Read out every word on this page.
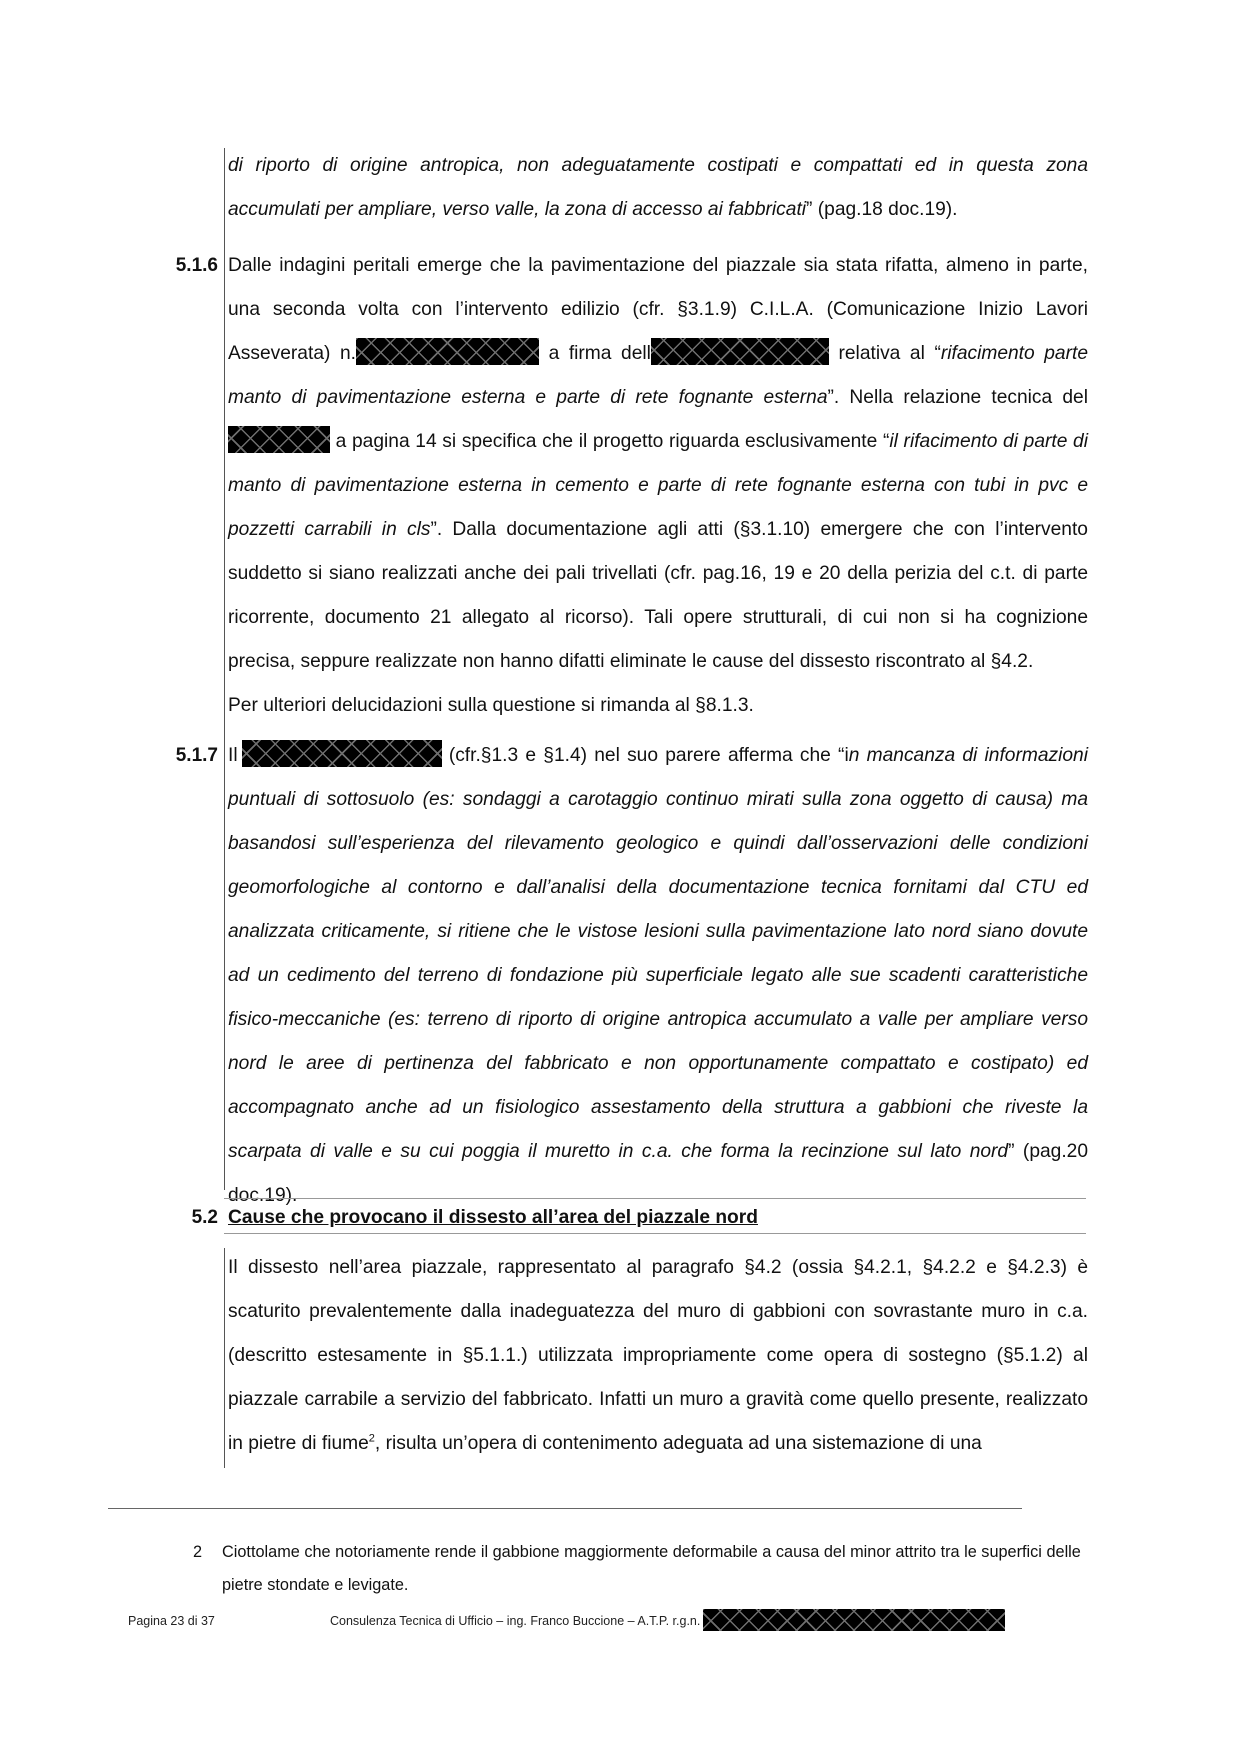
di riporto di origine antropica, non adeguatamente costipati e compattati ed in questa zona accumulati per ampliare, verso valle, la zona di accesso ai fabbricati” (pag.18 doc.19).
5.1.6 Dalle indagini peritali emerge che la pavimentazione del piazzale sia stata rifatta, almeno in parte, una seconda volta con l’intervento edilizio (cfr. §3.1.9) C.I.L.A. (Comunicazione Inizio Lavori Asseverata) n.	a firma dell	relativa al “rifacimento parte manto di pavimentazione esterna e parte di rete fognante esterna”. Nella relazione tecnica del a pagina 14 si specifica che il progetto riguarda esclusivamente “il rifacimento di parte di manto di pavimentazione esterna in cemento e parte di rete fognante esterna con tubi in pvc e pozzetti carrabili in cls”. Dalla documentazione agli atti (§3.1.10) emergere che con l’intervento suddetto si siano realizzati anche dei pali trivellati (cfr. pag.16, 19 e 20 della perizia del c.t. di parte ricorrente, documento 21 allegato al ricorso). Tali opere strutturali, di cui non si ha cognizione precisa, seppure realizzate non hanno difatti eliminate le cause del dissesto riscontrato al §4.2.
Per ulteriori delucidazioni sulla questione si rimanda al §8.1.3.
5.1.7 Il	(cfr.§1.3 e §1.4) nel suo parere afferma che “in mancanza di informazioni puntuali di sottosuolo (es: sondaggi a carotaggio continuo mirati sulla zona oggetto di causa) ma basandosi sull’esperienza del rilevamento geologico e quindi dall’osservazioni delle condizioni geomorfologiche al contorno e dall’analisi della documentazione tecnica fornitami dal CTU ed analizzata criticamente, si ritiene che le vistose lesioni sulla pavimentazione lato nord siano dovute ad un cedimento del terreno di fondazione più superficiale legato alle sue scadenti caratteristiche fisico-meccaniche (es: terreno di riporto di origine antropica accumulato a valle per ampliare verso nord le aree di pertinenza del fabbricato e non opportunamente compattato e costipato) ed accompagnato anche ad un fisiologico assestamento della struttura a gabbioni che riveste la scarpata di valle e su cui poggia il muretto in c.a. che forma la recinzione sul lato nord” (pag.20 doc.19).
5.2 Cause che provocano il dissesto all’area del piazzale nord
Il dissesto nell’area piazzale, rappresentato al paragrafo §4.2 (ossia §4.2.1, §4.2.2 e §4.2.3) è scaturito prevalentemente dalla inadeguatezza del muro di gabbioni con sovrastante muro in c.a. (descritto estesamente in §5.1.1.) utilizzata impropriamente come opera di sostegno (§5.1.2) al piazzale carrabile a servizio del fabbricato. Infatti un muro a gravità come quello presente, realizzato in pietre di fiume$^2$, risulta un’opera di contenimento adeguata ad una sistemazione di una
2 Ciottolame che notoriamente rende il gabbione maggiormente deformabile a causa del minor attrito tra le superfici delle pietre stondate e levigate.
Pagina 23 di 37	Consulenza Tecnica di Ufficio – ing. Franco Buccione – A.T.P. r.g.n.
